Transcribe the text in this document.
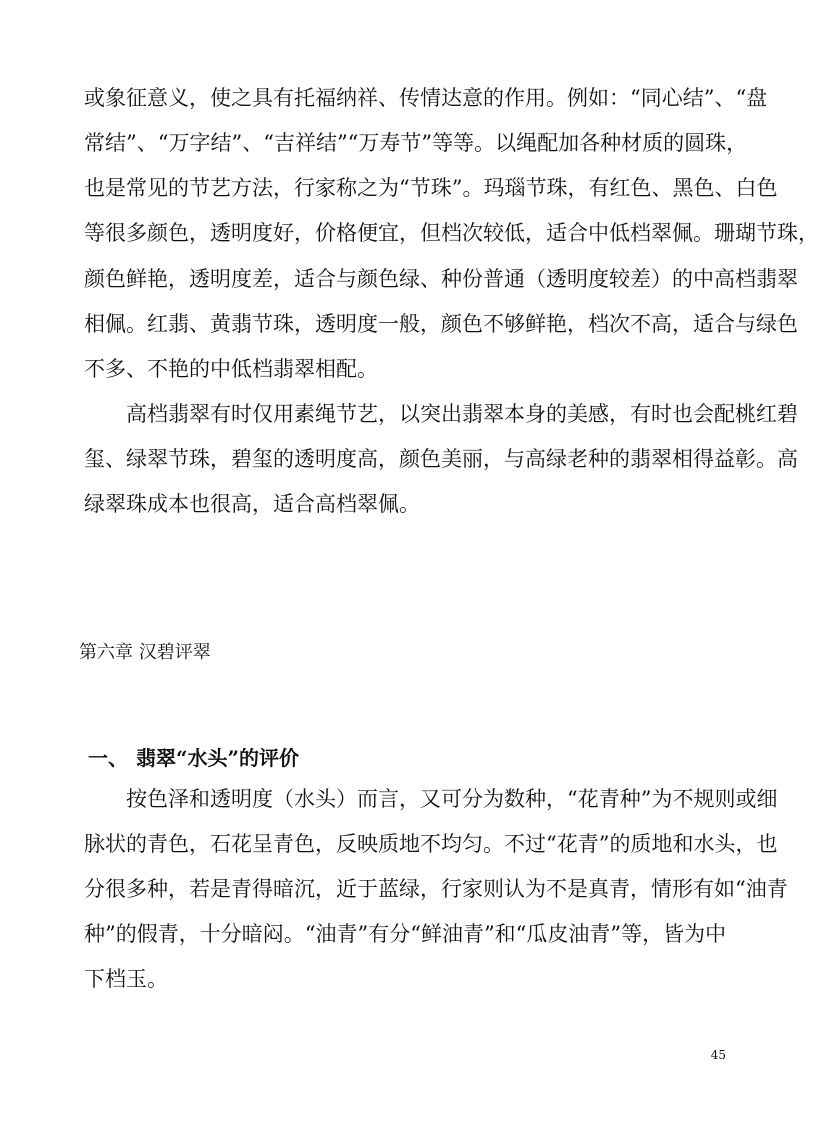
或象征意义，使之具有托福纳祥、传情达意的作用。例如：“同心结”、“盘
常结”、“万字结”、“吉祥结”“万寿节”等等。以绳配加各种材质的圆珠，
也是常见的节艺方法，行家称之为“节珠”。玛瑙节珠，有红色、黑色、白色
等很多颜色，透明度好，价格便宜，但档次较低，适合中低档翠佩。珊瑚节珠，
颜色鲜艳，透明度差，适合与颜色绿、种份普通（透明度较差）的中高档翡翠
相佩。红翡、黄翡节珠，透明度一般，颜色不够鲜艳，档次不高，适合与绿色
不多、不艳的中低档翡翠相配。
高档翡翠有时仅用素绳节艺，以突出翡翠本身的美感，有时也会配桃红碧
玺、绿翠节珠，碧玺的透明度高，颜色美丽，与高绿老种的翡翠相得益彰。高
绿翠珠成本也很高，适合高档翠佩。
第六章 汉碧评翠
一、 翡翠“水头”的评价
按色泽和透明度（水头）而言，又可分为数种，“花青种”为不规则或细
脉状的青色，石花呈青色，反映质地不均匀。不过“花青”的质地和水头，也
分很多种，若是青得暗沉，近于蓝绿，行家则认为不是真青，情形有如“油青
种”的假青，十分暗闷。“油青”有分“鲜油青”和“瓜皮油青”等，皆为中
下档玉。
45
